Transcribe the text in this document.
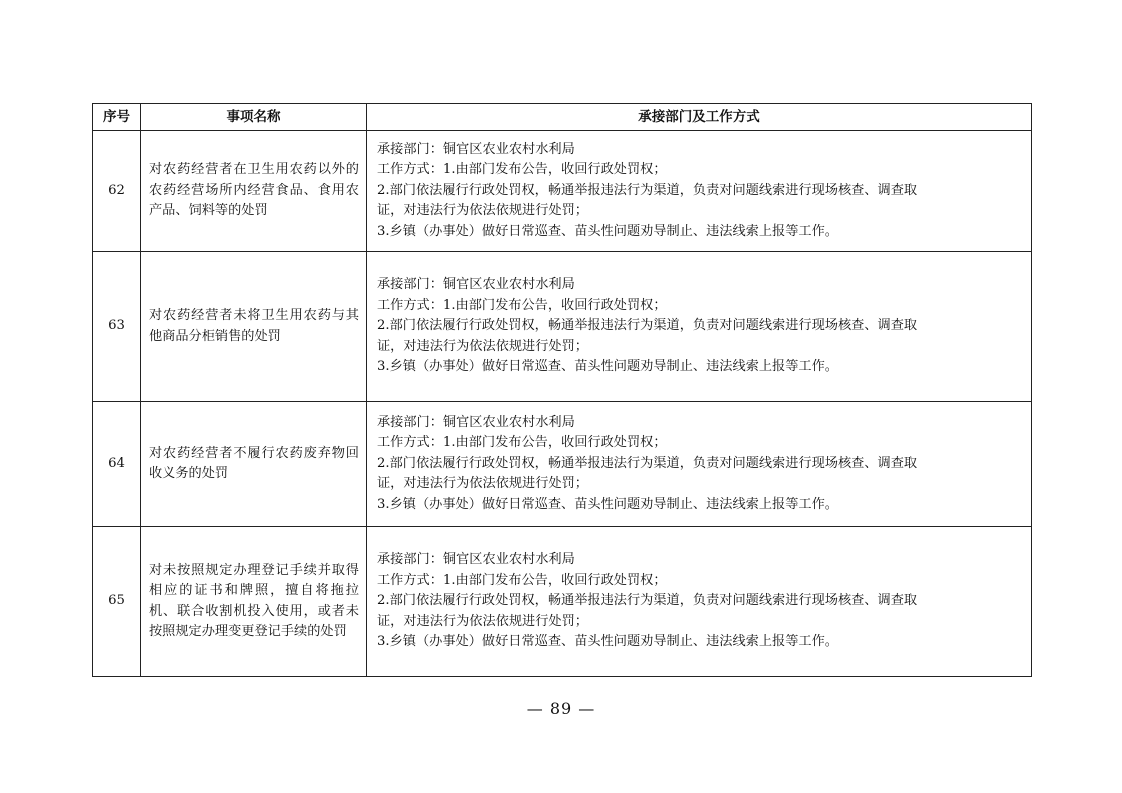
序号	事项名称	承接部门及工作方式
62	对农药经营者在卫生用农药以外的农药经营场所内经营食品、食用农产品、饲料等的处罚	承接部门：铜官区农业农村水利局
工作方式：1.由部门发布公告，收回行政处罚权；
2.部门依法履行行政处罚权，畅通举报违法行为渠道，负责对问题线索进行现场核查、调查取
证，对违法行为依法依规进行处罚；
3.乡镇（办事处）做好日常巡查、苗头性问题劝导制止、违法线索上报等工作。

63	对农药经营者未将卫生用农药与其他商品分柜销售的处罚	承接部门：铜官区农业农村水利局
工作方式：1.由部门发布公告，收回行政处罚权；
2.部门依法履行行政处罚权，畅通举报违法行为渠道，负责对问题线索进行现场核查、调查取
证，对违法行为依法依规进行处罚；
3.乡镇（办事处）做好日常巡查、苗头性问题劝导制止、违法线索上报等工作。

64	对农药经营者不履行农药废弃物回收义务的处罚	承接部门：铜官区农业农村水利局
工作方式：1.由部门发布公告，收回行政处罚权；
2.部门依法履行行政处罚权，畅通举报违法行为渠道，负责对问题线索进行现场核查、调查取
证，对违法行为依法依规进行处罚；
3.乡镇（办事处）做好日常巡查、苗头性问题劝导制止、违法线索上报等工作。

65	对未按照规定办理登记手续并取得相应的证书和牌照，擅自将拖拉机、联合收割机投入使用，或者未按照规定办理变更登记手续的处罚	承接部门：铜官区农业农村水利局
工作方式：1.由部门发布公告，收回行政处罚权；
2.部门依法履行行政处罚权，畅通举报违法行为渠道，负责对问题线索进行现场核查、调查取
证，对违法行为依法依规进行处罚；
3.乡镇（办事处）做好日常巡查、苗头性问题劝导制止、违法线索上报等工作。
— 89 —
